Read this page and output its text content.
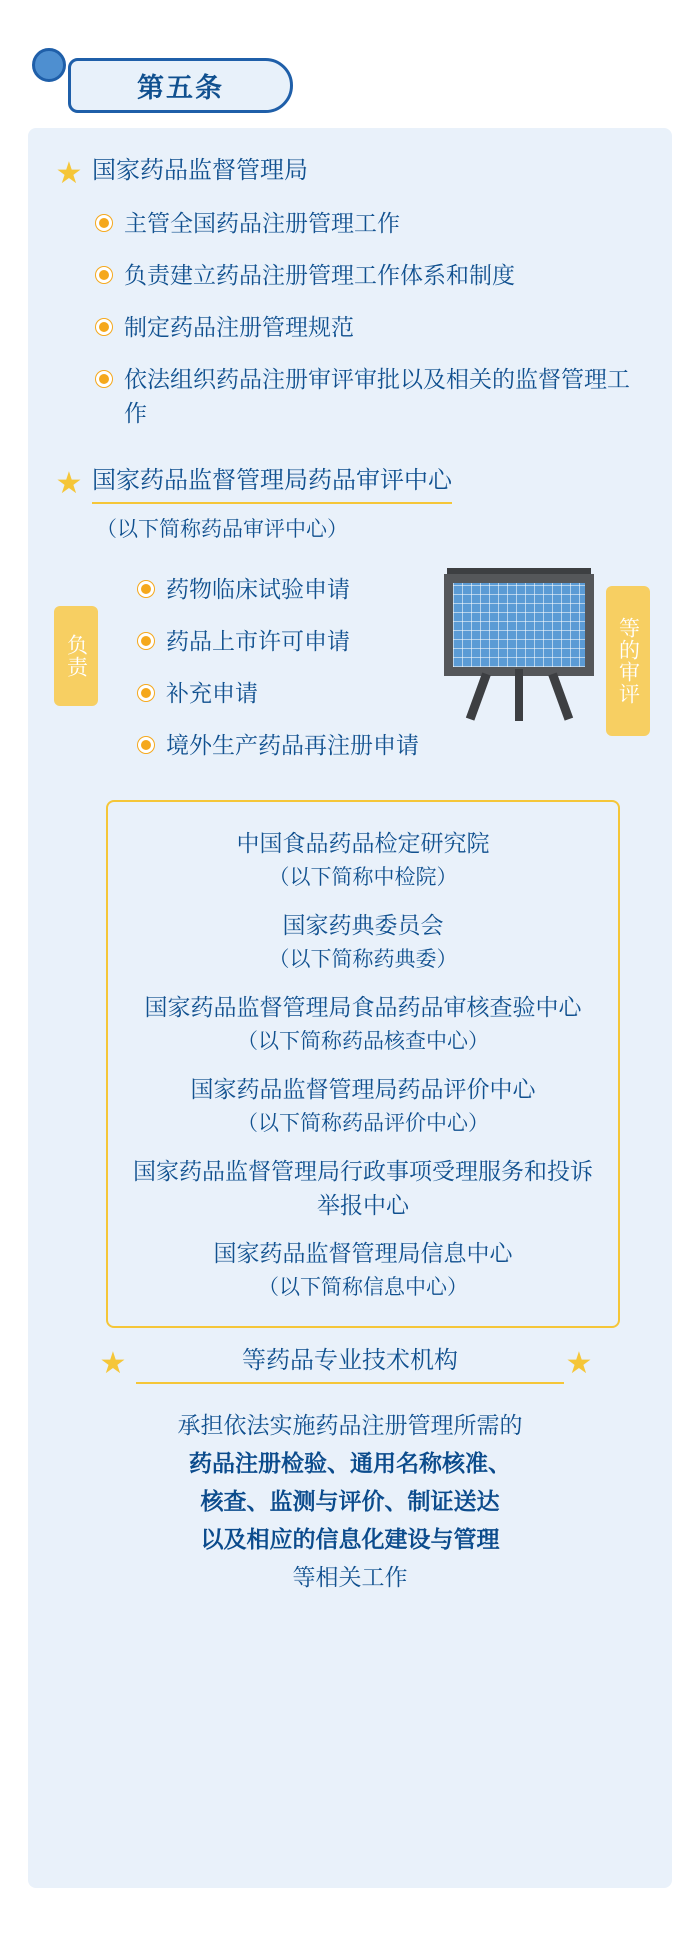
第五条
★ 国家药品监督管理局
主管全国药品注册管理工作
负责建立药品注册管理工作体系和制度
制定药品注册管理规范
依法组织药品注册审评审批以及相关的监督管理工作
★ 国家药品监督管理局药品审评中心
（以下简称药品审评中心）
负责	等的审评
药物临床试验申请
药品上市许可申请
补充申请
境外生产药品再注册申请
中国食品药品检定研究院
（以下简称中检院）
国家药典委员会
（以下简称药典委）
国家药品监督管理局食品药品审核查验中心
（以下简称药品核查中心）
国家药品监督管理局药品评价中心
（以下简称药品评价中心）
国家药品监督管理局行政事项受理服务和投诉举报中心
国家药品监督管理局信息中心
（以下简称信息中心）
★	等药品专业技术机构	★
承担依法实施药品注册管理所需的
药品注册检验、通用名称核准、
核查、监测与评价、制证送达
以及相应的信息化建设与管理
等相关工作
